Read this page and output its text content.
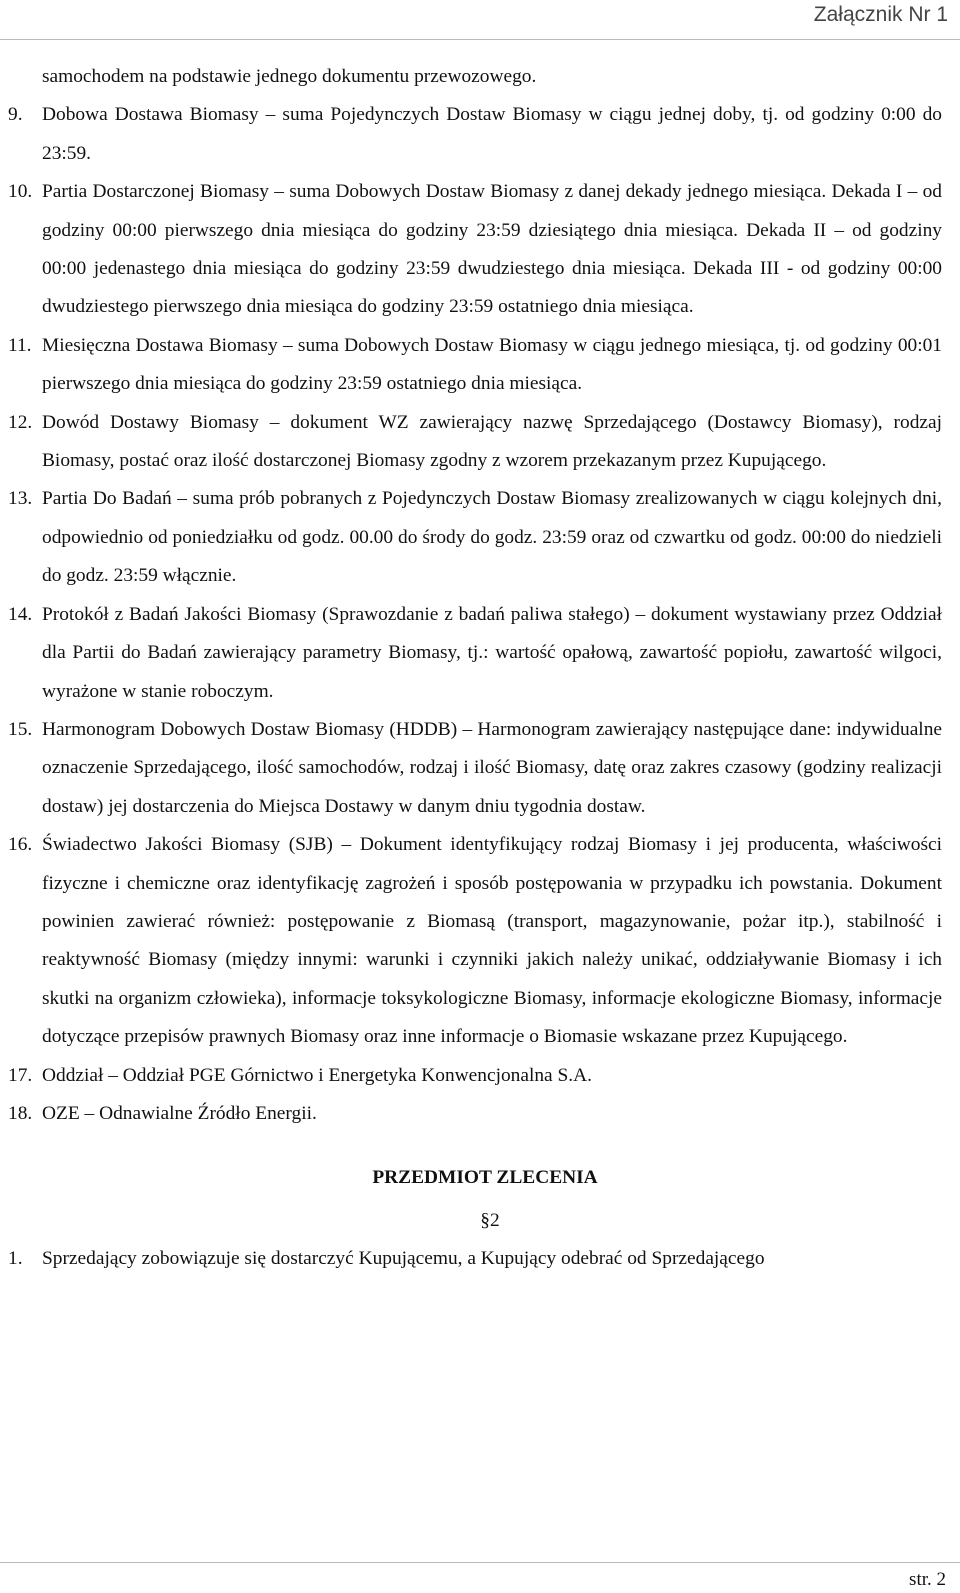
Załącznik Nr 1

samochodem na podstawie jednego dokumentu przewozowego.

9. Dobowa Dostawa Biomasy – suma Pojedynczych Dostaw Biomasy w ciągu jednej doby, tj. od godziny 0:00 do 23:59.

10. Partia Dostarczonej Biomasy – suma Dobowych Dostaw Biomasy z danej dekady jednego miesiąca. Dekada I – od godziny 00:00 pierwszego dnia miesiąca do godziny 23:59 dziesiątego dnia miesiąca. Dekada II – od godziny 00:00 jedenastego dnia miesiąca do godziny 23:59 dwudziestego dnia miesiąca. Dekada III - od godziny 00:00 dwudziestego pierwszego dnia miesiąca do godziny 23:59 ostatniego dnia miesiąca.

11. Miesięczna Dostawa Biomasy – suma Dobowych Dostaw Biomasy w ciągu jednego miesiąca, tj. od godziny 00:01 pierwszego dnia miesiąca do godziny 23:59 ostatniego dnia miesiąca.

12. Dowód Dostawy Biomasy – dokument WZ zawierający nazwę Sprzedającego (Dostawcy Biomasy), rodzaj Biomasy, postać oraz ilość dostarczonej Biomasy zgodny z wzorem przekazanym przez Kupującego.

13. Partia Do Badań – suma prób pobranych z Pojedynczych Dostaw Biomasy zrealizowanych w ciągu kolejnych dni, odpowiednio od poniedziałku od godz. 00.00 do środy do godz. 23:59 oraz od czwartku od godz. 00:00 do niedzieli do godz. 23:59 włącznie.

14. Protokół z Badań Jakości Biomasy (Sprawozdanie z badań paliwa stałego) – dokument wystawiany przez Oddział dla Partii do Badań zawierający parametry Biomasy, tj.: wartość opałową, zawartość popiołu, zawartość wilgoci, wyrażone w stanie roboczym.

15. Harmonogram Dobowych Dostaw Biomasy (HDDB) – Harmonogram zawierający następujące dane: indywidualne oznaczenie Sprzedającego, ilość samochodów, rodzaj i ilość Biomasy, datę oraz zakres czasowy (godziny realizacji dostaw) jej dostarczenia do Miejsca Dostawy w danym dniu tygodnia dostaw.

16. Świadectwo Jakości Biomasy (SJB) – Dokument identyfikujący rodzaj Biomasy i jej producenta, właściwości fizyczne i chemiczne oraz identyfikację zagrożeń i sposób postępowania w przypadku ich powstania. Dokument powinien zawierać również: postępowanie z Biomasą (transport, magazynowanie, pożar itp.), stabilność i reaktywność Biomasy (między innymi: warunki i czynniki jakich należy unikać, oddziaływanie Biomasy i ich skutki na organizm człowieka), informacje toksykologiczne Biomasy, informacje ekologiczne Biomasy, informacje dotyczące przepisów prawnych Biomasy oraz inne informacje o Biomasie wskazane przez Kupującego.

17. Oddział – Oddział PGE Górnictwo i Energetyka Konwencjonalna S.A.

18. OZE – Odnawialne Źródło Energii.

PRZEDMIOT ZLECENIA

§2

1. Sprzedający zobowiązuje się dostarczyć Kupującemu, a Kupujący odebrać od Sprzedającego

str. 2
